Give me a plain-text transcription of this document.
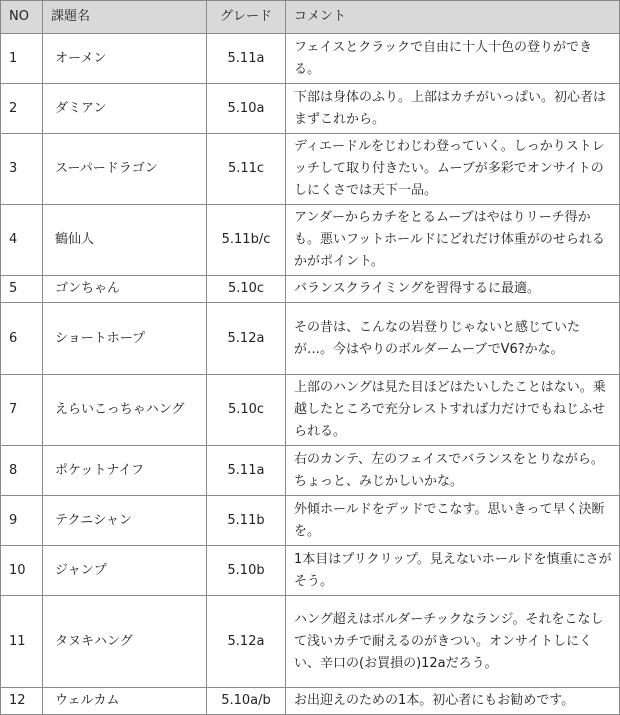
NO	課題名	グレード	コメント
1	オーメン	5.11a	フェイスとクラックで自由に十人十色の登りができる。
2	ダミアン	5.10a	下部は身体のふり。上部はカチがいっぱい。初心者はまずこれから。
3	スーパードラゴン	5.11c	ディエードルをじわじわ登っていく。しっかりストレッチして取り付きたい。ムーブが多彩でオンサイトのしにくさでは天下一品。
4	鶴仙人	5.11b/c	アンダーからカチをとるムーブはやはりリーチ得かも。悪いフットホールドにどれだけ体重がのせられるかがポイント。
5	ゴンちゃん	5.10c	バランスクライミングを習得するに最適。
6	ショートホープ	5.12a	その昔は、こんなの岩登りじゃないと感じていたが…。今はやりのボルダームーブでV6?かな。
7	えらいこっちゃハング	5.10c	上部のハングは見た目ほどはたいしたことはない。乗越したところで充分レストすれば力だけでもねじふせられる。
8	ポケットナイフ	5.11a	右のカンテ、左のフェイスでバランスをとりながら。ちょっと、みじかしいかな。
9	テクニシャン	5.11b	外傾ホールドをデッドでこなす。思いきって早く決断を。
10	ジャンプ	5.10b	1本目はプリクリップ。見えないホールドを慎重にさがそう。
11	タヌキハング	5.12a	ハング超えはボルダーチックなランジ。それをこなして浅いカチで耐えるのがきつい。オンサイトしにくい、辛口の(お買損の)12aだろう。
12	ウェルカム	5.10a/b	お出迎えのための1本。初心者にもお勧めです。
